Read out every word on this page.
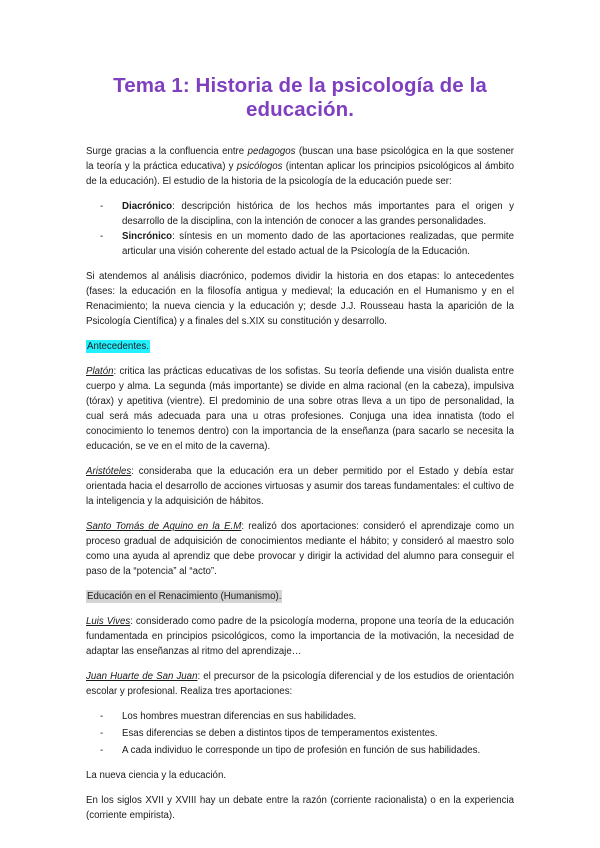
Tema 1: Historia de la psicología de la educación.

Surge gracias a la confluencia entre pedagogos (buscan una base psicológica en la que sostener la teoría y la práctica educativa) y psicólogos (intentan aplicar los principios psicológicos al ámbito de la educación). El estudio de la historia de la psicología de la educación puede ser:

- Diacrónico: descripción histórica de los hechos más importantes para el origen y desarrollo de la disciplina, con la intención de conocer a las grandes personalidades.
- Sincrónico: síntesis en un momento dado de las aportaciones realizadas, que permite articular una visión coherente del estado actual de la Psicología de la Educación.

Si atendemos al análisis diacrónico, podemos dividir la historia en dos etapas: lo antecedentes (fases: la educación en la filosofía antigua y medieval; la educación en el Humanismo y en el Renacimiento; la nueva ciencia y la educación y; desde J.J. Rousseau hasta la aparición de la Psicología Científica) y a finales del s.XIX su constitución y desarrollo.

Antecedentes.

Platón: critica las prácticas educativas de los sofistas. Su teoría defiende una visión dualista entre cuerpo y alma. La segunda (más importante) se divide en alma racional (en la cabeza), impulsiva (tórax) y apetitiva (vientre). El predominio de una sobre otras lleva a un tipo de personalidad, la cual será más adecuada para una u otras profesiones. Conjuga una idea innatista (todo el conocimiento lo tenemos dentro) con la importancia de la enseñanza (para sacarlo se necesita la educación, se ve en el mito de la caverna).

Aristóteles: consideraba que la educación era un deber permitido por el Estado y debía estar orientada hacia el desarrollo de acciones virtuosas y asumir dos tareas fundamentales: el cultivo de la inteligencia y la adquisición de hábitos.

Santo Tomás de Aquino en la E.M: realizó dos aportaciones: consideró el aprendizaje como un proceso gradual de adquisición de conocimientos mediante el hábito; y consideró al maestro solo como una ayuda al aprendiz que debe provocar y dirigir la actividad del alumno para conseguir el paso de la “potencia” al “acto”.

Educación en el Renacimiento (Humanismo).

Luis Vives: considerado como padre de la psicología moderna, propone una teoría de la educación fundamentada en principios psicológicos, como la importancia de la motivación, la necesidad de adaptar las enseñanzas al ritmo del aprendizaje…

Juan Huarte de San Juan: el precursor de la psicología diferencial y de los estudios de orientación escolar y profesional. Realiza tres aportaciones:

- Los hombres muestran diferencias en sus habilidades.
- Esas diferencias se deben a distintos tipos de temperamentos existentes.
- A cada individuo le corresponde un tipo de profesión en función de sus habilidades.
La nueva ciencia y la educación.

En los siglos XVII y XVIII hay un debate entre la razón (corriente racionalista) o en la experiencia (corriente empirista).
